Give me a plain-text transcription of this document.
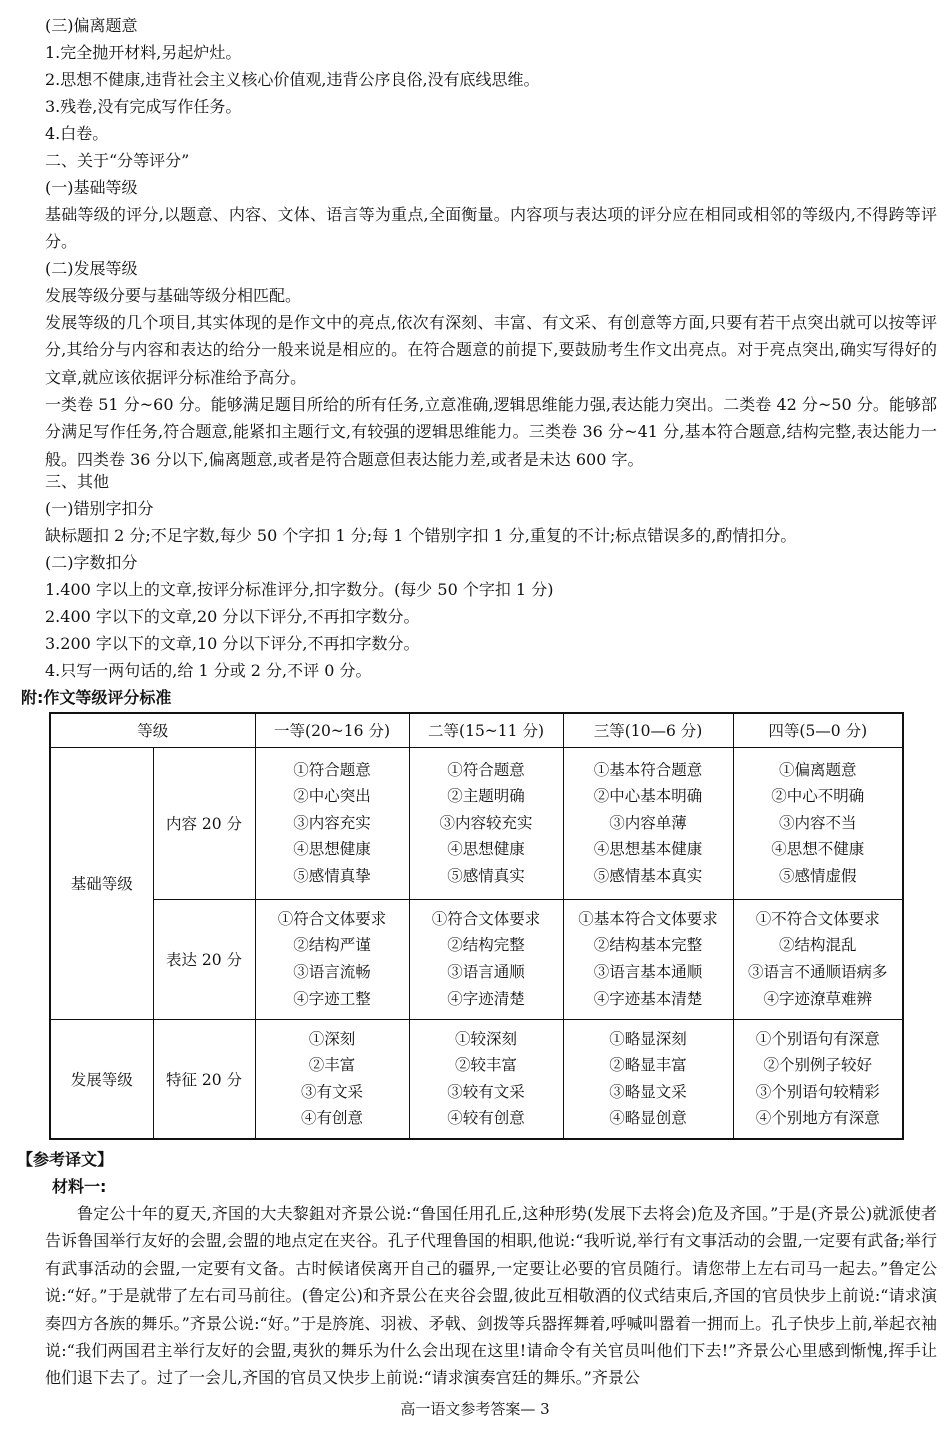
(三)偏离题意
1.完全抛开材料,另起炉灶。
2.思想不健康,违背社会主义核心价值观,违背公序良俗,没有底线思维。
3.残卷,没有完成写作任务。
4.白卷。
二、关于“分等评分”
(一)基础等级
基础等级的评分,以题意、内容、文体、语言等为重点,全面衡量。内容项与表达项的评分应在相同或相邻的等级内,不得跨等评分。
(二)发展等级
发展等级分要与基础等级分相匹配。
发展等级的几个项目,其实体现的是作文中的亮点,依次有深刻、丰富、有文采、有创意等方面,只要有若干点突出就可以按等评分,其给分与内容和表达的给分一般来说是相应的。在符合题意的前提下,要鼓励考生作文出亮点。对于亮点突出,确实写得好的文章,就应该依据评分标准给予高分。
一类卷 51 分~60 分。能够满足题目所给的所有任务,立意准确,逻辑思维能力强,表达能力突出。二类卷 42 分~50 分。能够部分满足写作任务,符合题意,能紧扣主题行文,有较强的逻辑思维能力。三类卷 36 分~41 分,基本符合题意,结构完整,表达能力一般。四类卷 36 分以下,偏离题意,或者是符合题意但表达能力差,或者是未达 600 字。
三、其他
(一)错别字扣分
缺标题扣 2 分;不足字数,每少 50 个字扣 1 分;每 1 个错别字扣 1 分,重复的不计;标点错误多的,酌情扣分。
(二)字数扣分
1.400 字以上的文章,按评分标准评分,扣字数分。(每少 50 个字扣 1 分)
2.400 字以下的文章,20 分以下评分,不再扣字数分。
3.200 字以下的文章,10 分以下评分,不再扣字数分。
4.只写一两句话的,给 1 分或 2 分,不评 0 分。
附:作文等级评分标准
等级		一等(20~16 分)	二等(15~11 分)	三等(10—6 分)	四等(5—0 分)
基础等级	内容 20 分	①符合题意
②中心突出
③内容充实
④思想健康
⑤感情真挚	①符合题意
②主题明确
③内容较充实
④思想健康
⑤感情真实	①基本符合题意
②中心基本明确
③内容单薄
④思想基本健康
⑤感情基本真实	①偏离题意
②中心不明确
③内容不当
④思想不健康
⑤感情虚假
	表达 20 分	①符合文体要求
②结构严谨
③语言流畅
④字迹工整	①符合文体要求
②结构完整
③语言通顺
④字迹清楚	①基本符合文体要求
②结构基本完整
③语言基本通顺
④字迹基本清楚	①不符合文体要求
②结构混乱
③语言不通顺语病多
④字迹潦草难辨
发展等级	特征 20 分	①深刻
②丰富
③有文采
④有创意	①较深刻
②较丰富
③较有文采
④较有创意	①略显深刻
②略显丰富
③略显文采
④略显创意	①个别语句有深意
②个别例子较好
③个别语句较精彩
④个别地方有深意
【参考译文】
材料一:
鲁定公十年的夏天,齐国的大夫黎鉏对齐景公说:“鲁国任用孔丘,这种形势(发展下去将会)危及齐国。”于是(齐景公)就派使者告诉鲁国举行友好的会盟,会盟的地点定在夹谷。孔子代理鲁国的相职,他说:“我听说,举行有文事活动的会盟,一定要有武备;举行有武事活动的会盟,一定要有文备。古时候诸侯离开自己的疆界,一定要让必要的官员随行。请您带上左右司马一起去。”鲁定公说:“好。”于是就带了左右司马前往。(鲁定公)和齐景公在夹谷会盟,彼此互相敬酒的仪式结束后,齐国的官员快步上前说:“请求演奏四方各族的舞乐。”齐景公说:“好。”于是旍旄、羽袚、矛戟、剑拨等兵器挥舞着,呼喊叫嚣着一拥而上。孔子快步上前,举起衣袖说:“我们两国君主举行友好的会盟,夷狄的舞乐为什么会出现在这里!请命令有关官员叫他们下去!”齐景公心里感到惭愧,挥手让他们退下去了。过了一会儿,齐国的官员又快步上前说:“请求演奏宫廷的舞乐。”齐景公
高一语文参考答案— 3
